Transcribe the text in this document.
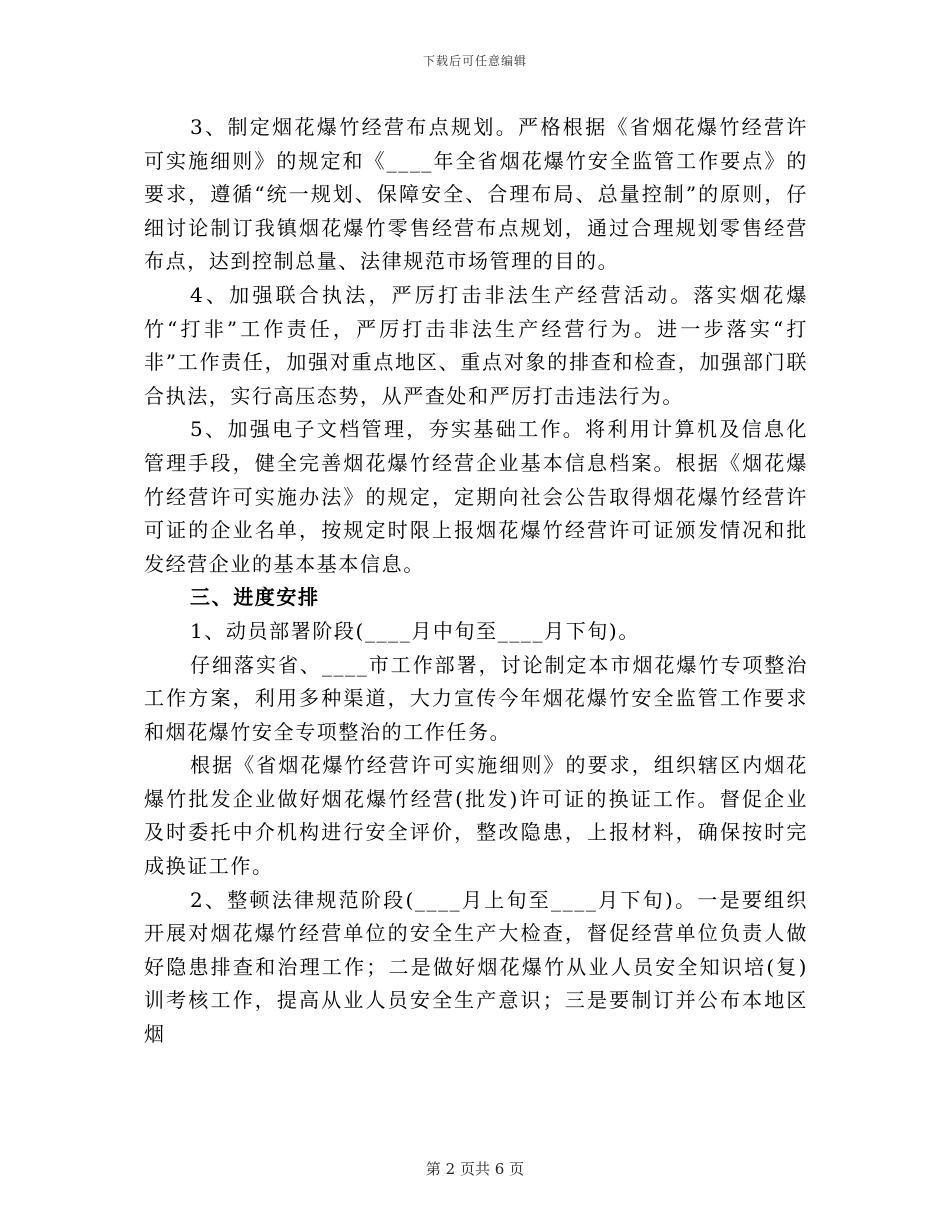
下载后可任意编辑

3、制定烟花爆竹经营布点规划。严格根据《省烟花爆竹经营许可实施细则》的规定和《____年全省烟花爆竹安全监管工作要点》的要求，遵循“统一规划、保障安全、合理布局、总量控制”的原则，仔细讨论制订我镇烟花爆竹零售经营布点规划，通过合理规划零售经营布点，达到控制总量、法律规范市场管理的目的。

4、加强联合执法，严厉打击非法生产经营活动。落实烟花爆竹“打非”工作责任，严厉打击非法生产经营行为。进一步落实“打非”工作责任，加强对重点地区、重点对象的排查和检查，加强部门联合执法，实行高压态势，从严查处和严厉打击违法行为。

5、加强电子文档管理，夯实基础工作。将利用计算机及信息化管理手段，健全完善烟花爆竹经营企业基本信息档案。根据《烟花爆竹经营许可实施办法》的规定，定期向社会公告取得烟花爆竹经营许可证的企业名单，按规定时限上报烟花爆竹经营许可证颁发情况和批发经营企业的基本基本信息。

三、进度安排

1、动员部署阶段(____月中旬至____月下旬)。

仔细落实省、____市工作部署，讨论制定本市烟花爆竹专项整治工作方案，利用多种渠道，大力宣传今年烟花爆竹安全监管工作要求和烟花爆竹安全专项整治的工作任务。

根据《省烟花爆竹经营许可实施细则》的要求，组织辖区内烟花爆竹批发企业做好烟花爆竹经营(批发)许可证的换证工作。督促企业及时委托中介机构进行安全评价，整改隐患，上报材料，确保按时完成换证工作。

2、整顿法律规范阶段(____月上旬至____月下旬)。一是要组织开展对烟花爆竹经营单位的安全生产大检查，督促经营单位负责人做好隐患排查和治理工作；二是做好烟花爆竹从业人员安全知识培(复)训考核工作，提高从业人员安全生产意识；三是要制订并公布本地区烟

第 2 页共 6 页
